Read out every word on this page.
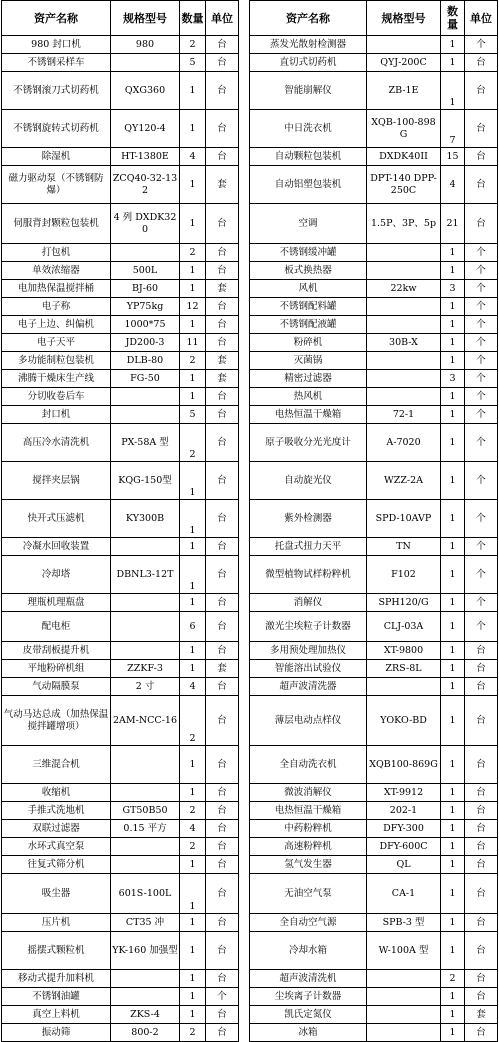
资产名称	规格型号	数量	单位
980 封口机	980	2	台
不锈钢采样车		5	台
不锈钢滚刀式切药机	QXG360	1	台
不锈钢旋转式切药机	QY120-4	1	台
除湿机	HT-1380E	4	台
磁力驱动泵（不锈钢防爆）	ZCQ40-32-132	1	套
伺服背封颗粒包装机	4 列 DXDK320	1	台
打包机		2	台
单效浓缩器	500L	1	台
电加热保温搅拌桶	BJ-60	1	套
电子称	YP75kg	12	台
电子上边、纠偏机	1000*75	1	台
电子天平	JD200-3	11	台
多功能制粒包装机	DLB-80	2	套
沸腾干燥床生产线	FG-50	1	套
分切收卷后车		1	台
封口机		5	台
高压冷水清洗机	PX-58A 型	2	台
搅拌夹层锅	KQG-150型	1	台
快开式压滤机	KY300B	1	台
冷凝水回收装置		1	台
冷却塔	DBNL3-12T	1	台
理瓶机理瓶盘		1	台
配电柜		6	台
皮带刮板提升机		1	台
平地粉碎机组	ZZKF-3	1	套
气动隔膜泵	2 寸	4	台
气动马达总成（加热保温搅拌罐增项）	2AM-NCC-16	2	台
三维混合机		1	台
收缩机		1	台
手推式洗地机	GT50B50	2	台
双联过滤器	0.15 平方	4	台
水环式真空泵		2	台
往复式筛分机		1	台
吸尘器	601S-100L	1	台
压片机	CT35 冲	1	台
摇摆式颗粒机	YK-160 加强型	1	台
移动式提升加料机		1	台
不锈钢油罐		1	个
真空上料机	ZKS-4	1	台
振动筛	800-2	2	台
资产名称	规格型号	数量	单位
蒸发光散射检测器		1	个
直切式切药机	QYJ-200C	1	台
智能崩解仪	ZB-1E	1	台
中日洗衣机	XQB-100-898G	7	台
自动颗粒包装机	DXDK40II	15	台
自动铝塑包装机	DPT-140 DPP-250C	4	台
空调	1.5P、3P、5p	21	台
不锈钢缓冲罐		1	个
板式换热器		1	个
风机	22kw	3	个
不锈钢配料罐		1	个
不锈钢配液罐		1	个
粉碎机	30B-X	1	个
灭菌锅		1	个
精密过滤器		3	个
热风机		1	个
电热恒温干燥箱	72-1	1	个
原子吸收分光光度计	A-7020	1	个
自动旋光仪	WZZ-2A	1	个
紫外检测器	SPD-10AVP	1	个
托盘式扭力天平	TN	1	个
微型植物试样粉粹机	F102	1	个
消解仪	SPH120/G	1	个
激光尘埃粒子计数器	CLJ-03A	1	个
多用预处理加热仪	XT-9800	1	台
智能溶出试验仪	ZRS-8L	1	台
超声波清洗器		1	台
薄层电动点样仪	YOKO-BD	1	台
全自动洗衣机	XQB100-869G	1	台
微波消解仪	XT-9912	1	台
电热恒温干燥箱	202-1	1	台
中药粉粹机	DFY-300	1	台
高速粉粹机	DFY-600C	1	台
氢气发生器	QL	1	台
无油空气泵	CA-1	1	台
全自动空气源	SPB-3 型	1	台
冷却水箱	W-100A 型	1	台
超声波清洗机		2	台
尘埃离子计数器		1	台
凯氏定氮仪		1	套
冰箱		1	台
